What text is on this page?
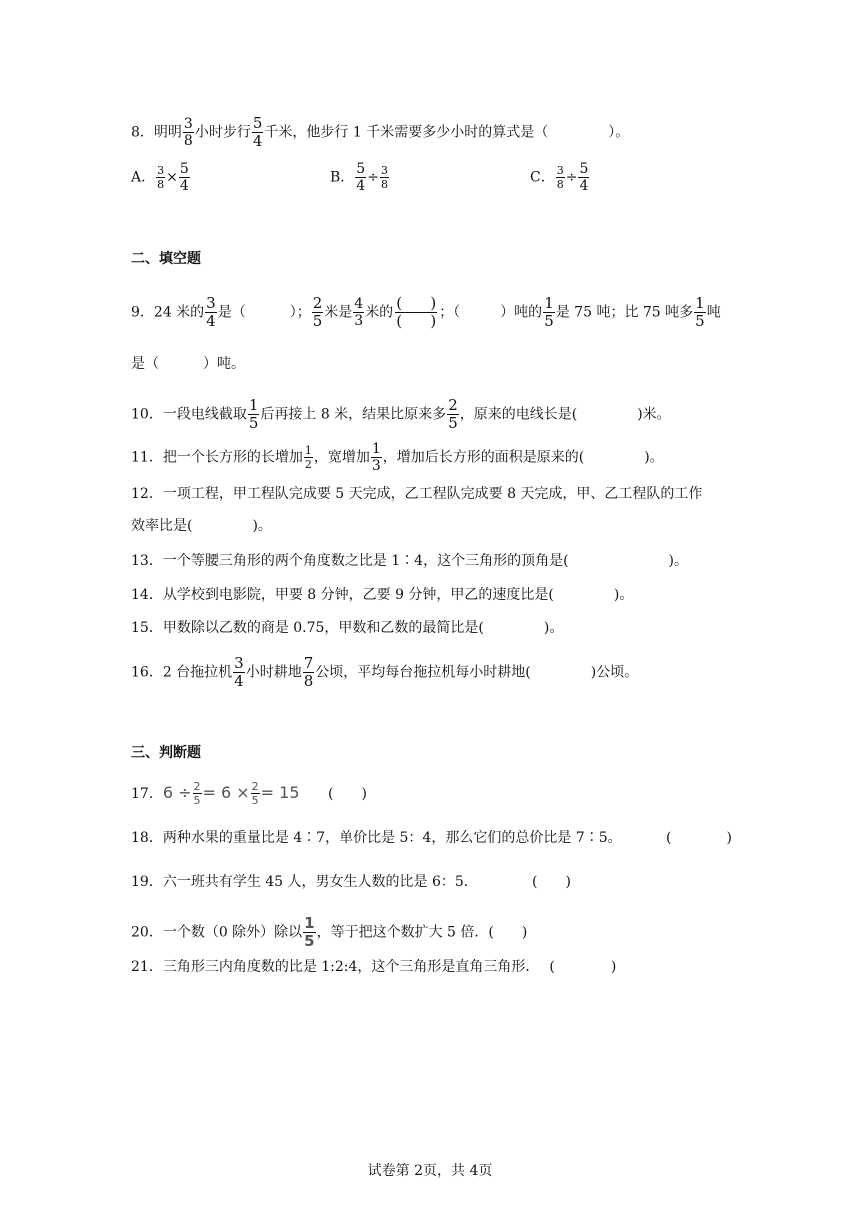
8．明明 $\frac{3}{8}$ 小时步行 $\frac{5}{4}$ 千米，他步行 1 千米需要多少小时的算式是（	）。
A． $\frac{3}{8} \times \frac{5}{4}$	B． $\frac{5}{4} \div \frac{3}{8}$	C． $\frac{3}{8} \div \frac{5}{4}$
二、填空题
9．24 米的 $\frac{3}{4}$ 是（	）； $\frac{2}{5}$ 米是 $\frac{4}{3}$ 米的 $\frac{( )}{( )}$ ；（	）吨的 $\frac{1}{5}$ 是 75 吨；比 75 吨多 $\frac{1}{5}$ 吨
是（	）吨。
10．一段电线截取 $\frac{1}{5}$ 后再接上 8 米，结果比原来多 $\frac{2}{5}$ ，原来的电线长是(	)米。
11．把一个长方形的长增加 $\frac{1}{2}$ ，宽增加 $\frac{1}{3}$ ，增加后长方形的面积是原来的(	)。
12．一项工程，甲工程队完成要 5 天完成，乙工程队完成要 8 天完成，甲、乙工程队的工作
效率比是(	)。
13．一个等腰三角形的两个角度数之比是 1∶4，这个三角形的顶角是(	)。
14．从学校到电影院，甲要 8 分钟，乙要 9 分钟，甲乙的速度比是(	)。
15．甲数除以乙数的商是 0.75，甲数和乙数的最简比是(	)。
16．2 台拖拉机 $\frac{3}{4}$ 小时耕地 $\frac{7}{8}$ 公顷，平均每台拖拉机每小时耕地(	)公顷。
三、判断题
17．$6 \div \frac{2}{5} = 6 \times \frac{2}{5} = 15$ (　　)
18．两种水果的重量比是 4∶7，单价比是 5：4，那么它们的总价比是 7∶5。	(	)
19．六一班共有学生 45 人，男女生人数的比是 6：5．	(　　)
20．一个数（0 除外）除以 $\frac{1}{5}$ ，等于把这个数扩大 5 倍．(　　)
21．三角形三内角度数的比是 1:2:4，这个三角形是直角三角形． (　　　　)
试卷第 2页，共 4页
